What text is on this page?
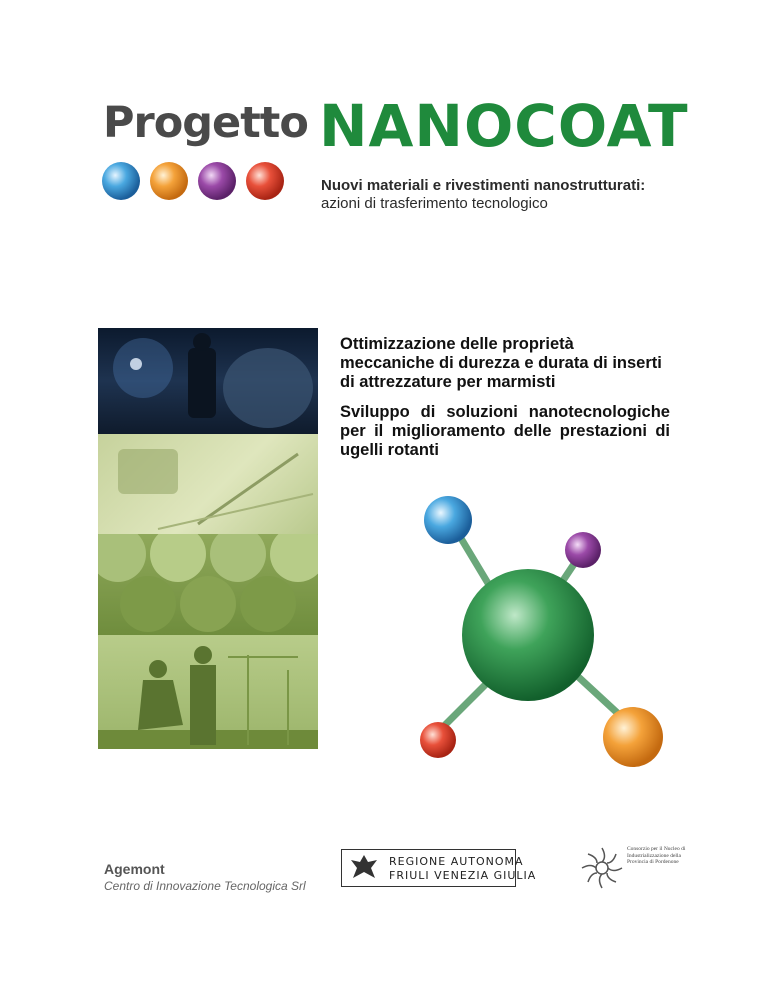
Progetto NANOCOAT
Nuovi materiali e rivestimenti nanostrutturati:
azioni di trasferimento tecnologico
Ottimizzazione delle proprietà meccaniche di durezza e durata di inserti di attrezzature per marmisti
Sviluppo di soluzioni nanotecnologiche per il miglioramento delle prestazioni di ugelli rotanti
Agemont
Centro di Innovazione Tecnologica Srl
REGIONE AUTONOMA
FRIULI VENEZIA GIULIA
Consorzio per il Nucleo di Industrializzazione della Provincia di Pordenone
